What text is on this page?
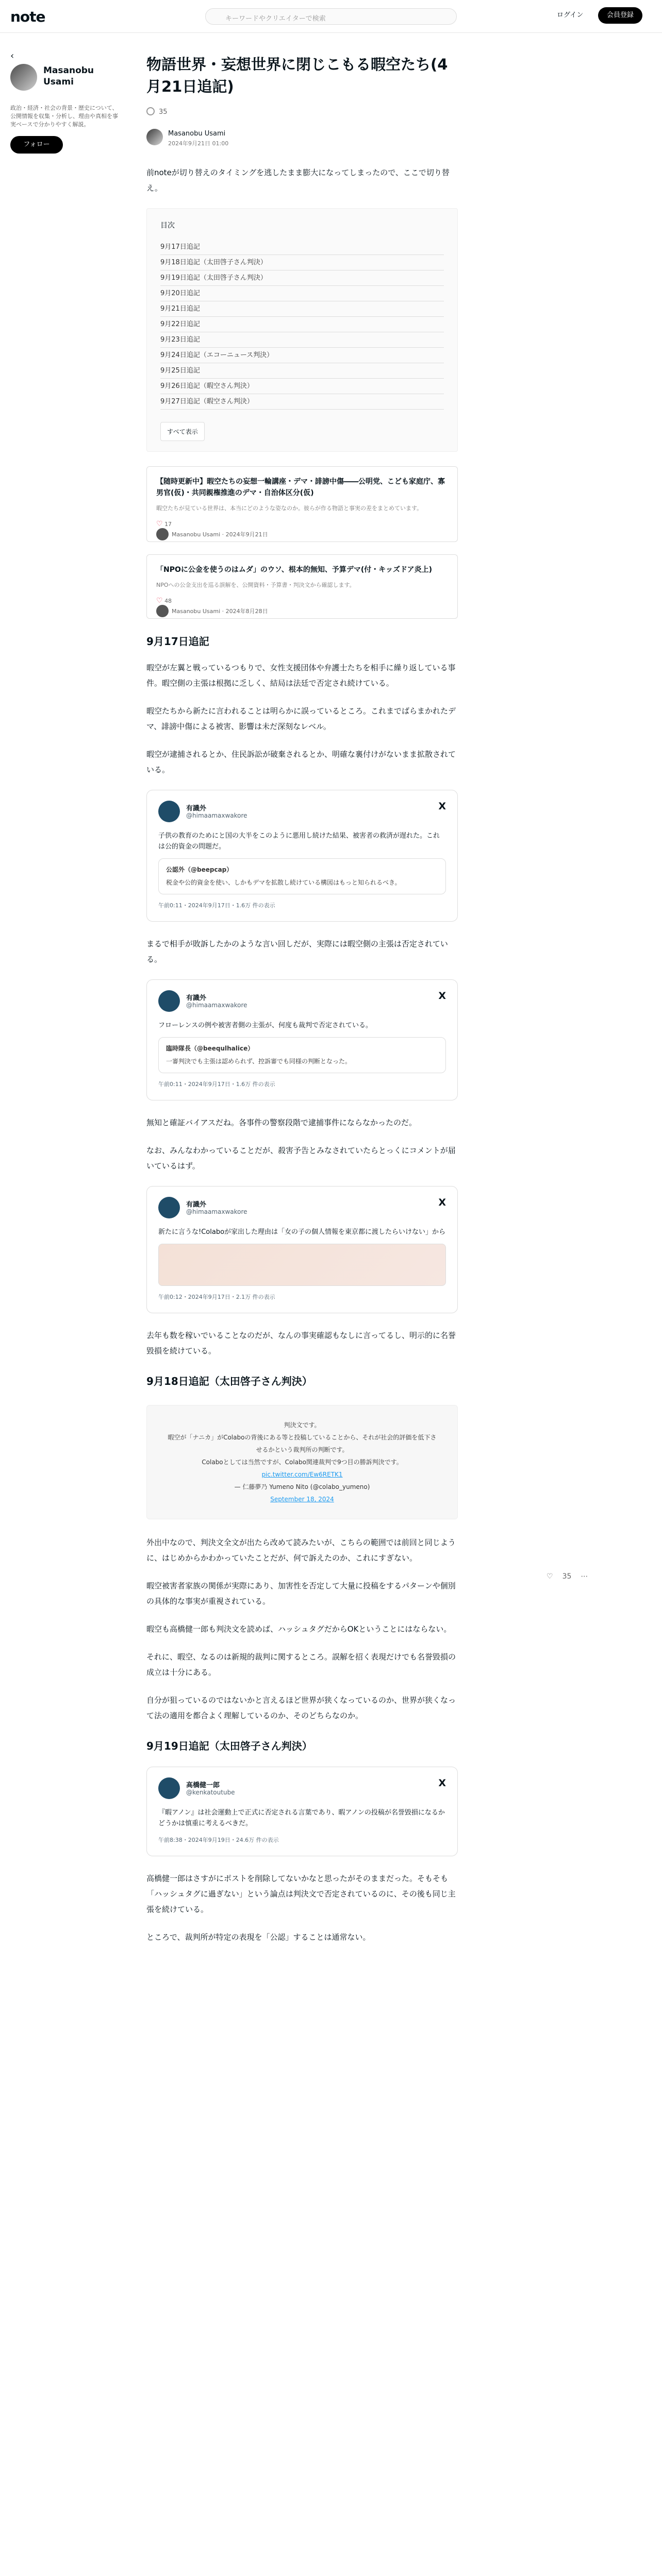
note	キーワードやクリエイターで検索	ログイン	会員登録
‹
Masanobu Usami
政治・経済・社会の背景・歴史について、公開情報を収集・分析し、理由や真相を事実ベースで分かりやすく解説。
フォロー
物語世界・妄想世界に閉じこもる暇空たち(4月21日追記)
35
Masanobu Usami
2024年9月21日 01:00

前noteが切り替えのタイミングを逃したまま膨大になってしまったので、ここで切り替え。

目次
9月17日追記
9月18日追記（太田啓子さん判決）
9月19日追記（太田啓子さん判決）
9月20日追記
9月21日追記
9月22日追記
9月23日追記
9月24日追記（エコーニュース判決）
9月25日追記
9月26日追記（暇空さん判決）
9月27日追記（暇空さん判決）
すべて表示
【随時更新中】暇空たちの妄想一輪講座・デマ・誹謗中傷――公明党、こども家庭庁、寡男官(仮)・共同親権推進のデマ・自治体区分(仮)
暇空たちが見ている世界は、本当にどのような姿なのか。彼らが作る物語と事実の差をまとめています。
♡ 17
Masanobu Usami · 2024年9月21日
「NPOに公金を使うのはムダ」のウソ、根本的無知、予算デマ(付・キッズドア炎上)
NPOへの公金支出を巡る誤解を、公開資料・予算書・判決文から確認します。
♡ 48
Masanobu Usami · 2024年8月28日
9月17日追記

暇空が左翼と戦っているつもりで、女性支援団体や弁護士たちを相手に繰り返している事件。暇空側の主張は根拠に乏しく、結局は法廷で否定され続けている。

暇空たちから新たに言われることは明らかに誤っているところ。これまでばらまかれたデマ、誹謗中傷による被害、影響は未だ深刻なレベル。

暇空が逮捕されるとか、住民訴訟が破棄されるとか、明確な裏付けがないまま拡散されている。

有識外
@himaamaxwakore
X
子供の教育のためにと国の大半をこのように悪用し続けた結果、被害者の救済が遅れた。これは公的資金の問題だ。
公認外（@beepcap）
税金や公的資金を使い、しかもデマを拡散し続けている構図はもっと知られるべき。
午前0:11・2024年9月17日・1.6万 件の表示

まるで相手が敗訴したかのような言い回しだが、実際には暇空側の主張は否定されている。

有識外
@himaamaxwakore
X
フローレンスの例や被害者側の主張が、何度も裁判で否定されている。
臨時隊長（@beequlhalice）
一審判決でも主張は認められず、控訴審でも同様の判断となった。
午前0:11・2024年9月17日・1.6万 件の表示

無知と確証バイアスだね。各事件の警察段階で逮捕事件にならなかったのだ。

なお、みんなわかっていることだが、殺害予告とみなされていたらとっくにコメントが届いているはず。

有識外
@himaamaxwakore
X
新たに言うな!Colaboが家出した理由は「女の子の個人情報を東京都に渡したらいけない」から
午前0:12・2024年9月17日・2.1万 件の表示

去年も数を稼いでいることなのだが、なんの事実確認もなしに言ってるし、明示的に名誉毀損を続けている。

9月18日追記（太田啓子さん判決）
判決文です。
暇空が「ナニカ」がColaboの背後にある等と投稿していることから、それが社会的評価を低下させるかという裁判所の判断です。
Colaboとしては当然ですが、Colabo関連裁判で9つ目の勝訴判決です。
pic.twitter.com/Ew6RETK1
— 仁藤夢乃 Yumeno Nito (@colabo_yumeno)
September 18, 2024

外出中なので、判決文全文が出たら改めて読みたいが、こちらの範囲では前回と同じように、はじめからかわかっていたことだが、何で訴えたのか、これにすぎない。

暇空被害者家族の関係が実際にあり、加害性を否定して大量に投稿をするパターンや個別の具体的な事実が重視されている。

暇空も高橋健一郎も判決文を読めば、ハッシュタグだからOKということにはならない。

それに、暇空、なるのは新規的裁判に関するところ。誤解を招く表現だけでも名誉毀損の成立は十分にある。

自分が狙っているのではないかと言えるほど世界が狭くなっているのか、世界が狭くなって法の適用を都合よく理解しているのか、そのどちらなのか。

9月19日追記（太田啓子さん判決）
高橋健一郎
@kenkatoutube
X
『暇アノン』は社会運動上で正式に否定される言葉であり、暇アノンの投稿が名誉毀損になるかどうかは慎重に考えるべきだ。
午前8:38・2024年9月19日・24.6万 件の表示

高橋健一郎はさすがにポストを削除してないかなと思ったがそのままだった。そもそも「ハッシュタグに過ぎない」という論点は判決文で否定されているのに、その後も同じ主張を続けている。

ところで、裁判所が特定の表現を「公認」することは通常ない。

♡ 35 ⋯
